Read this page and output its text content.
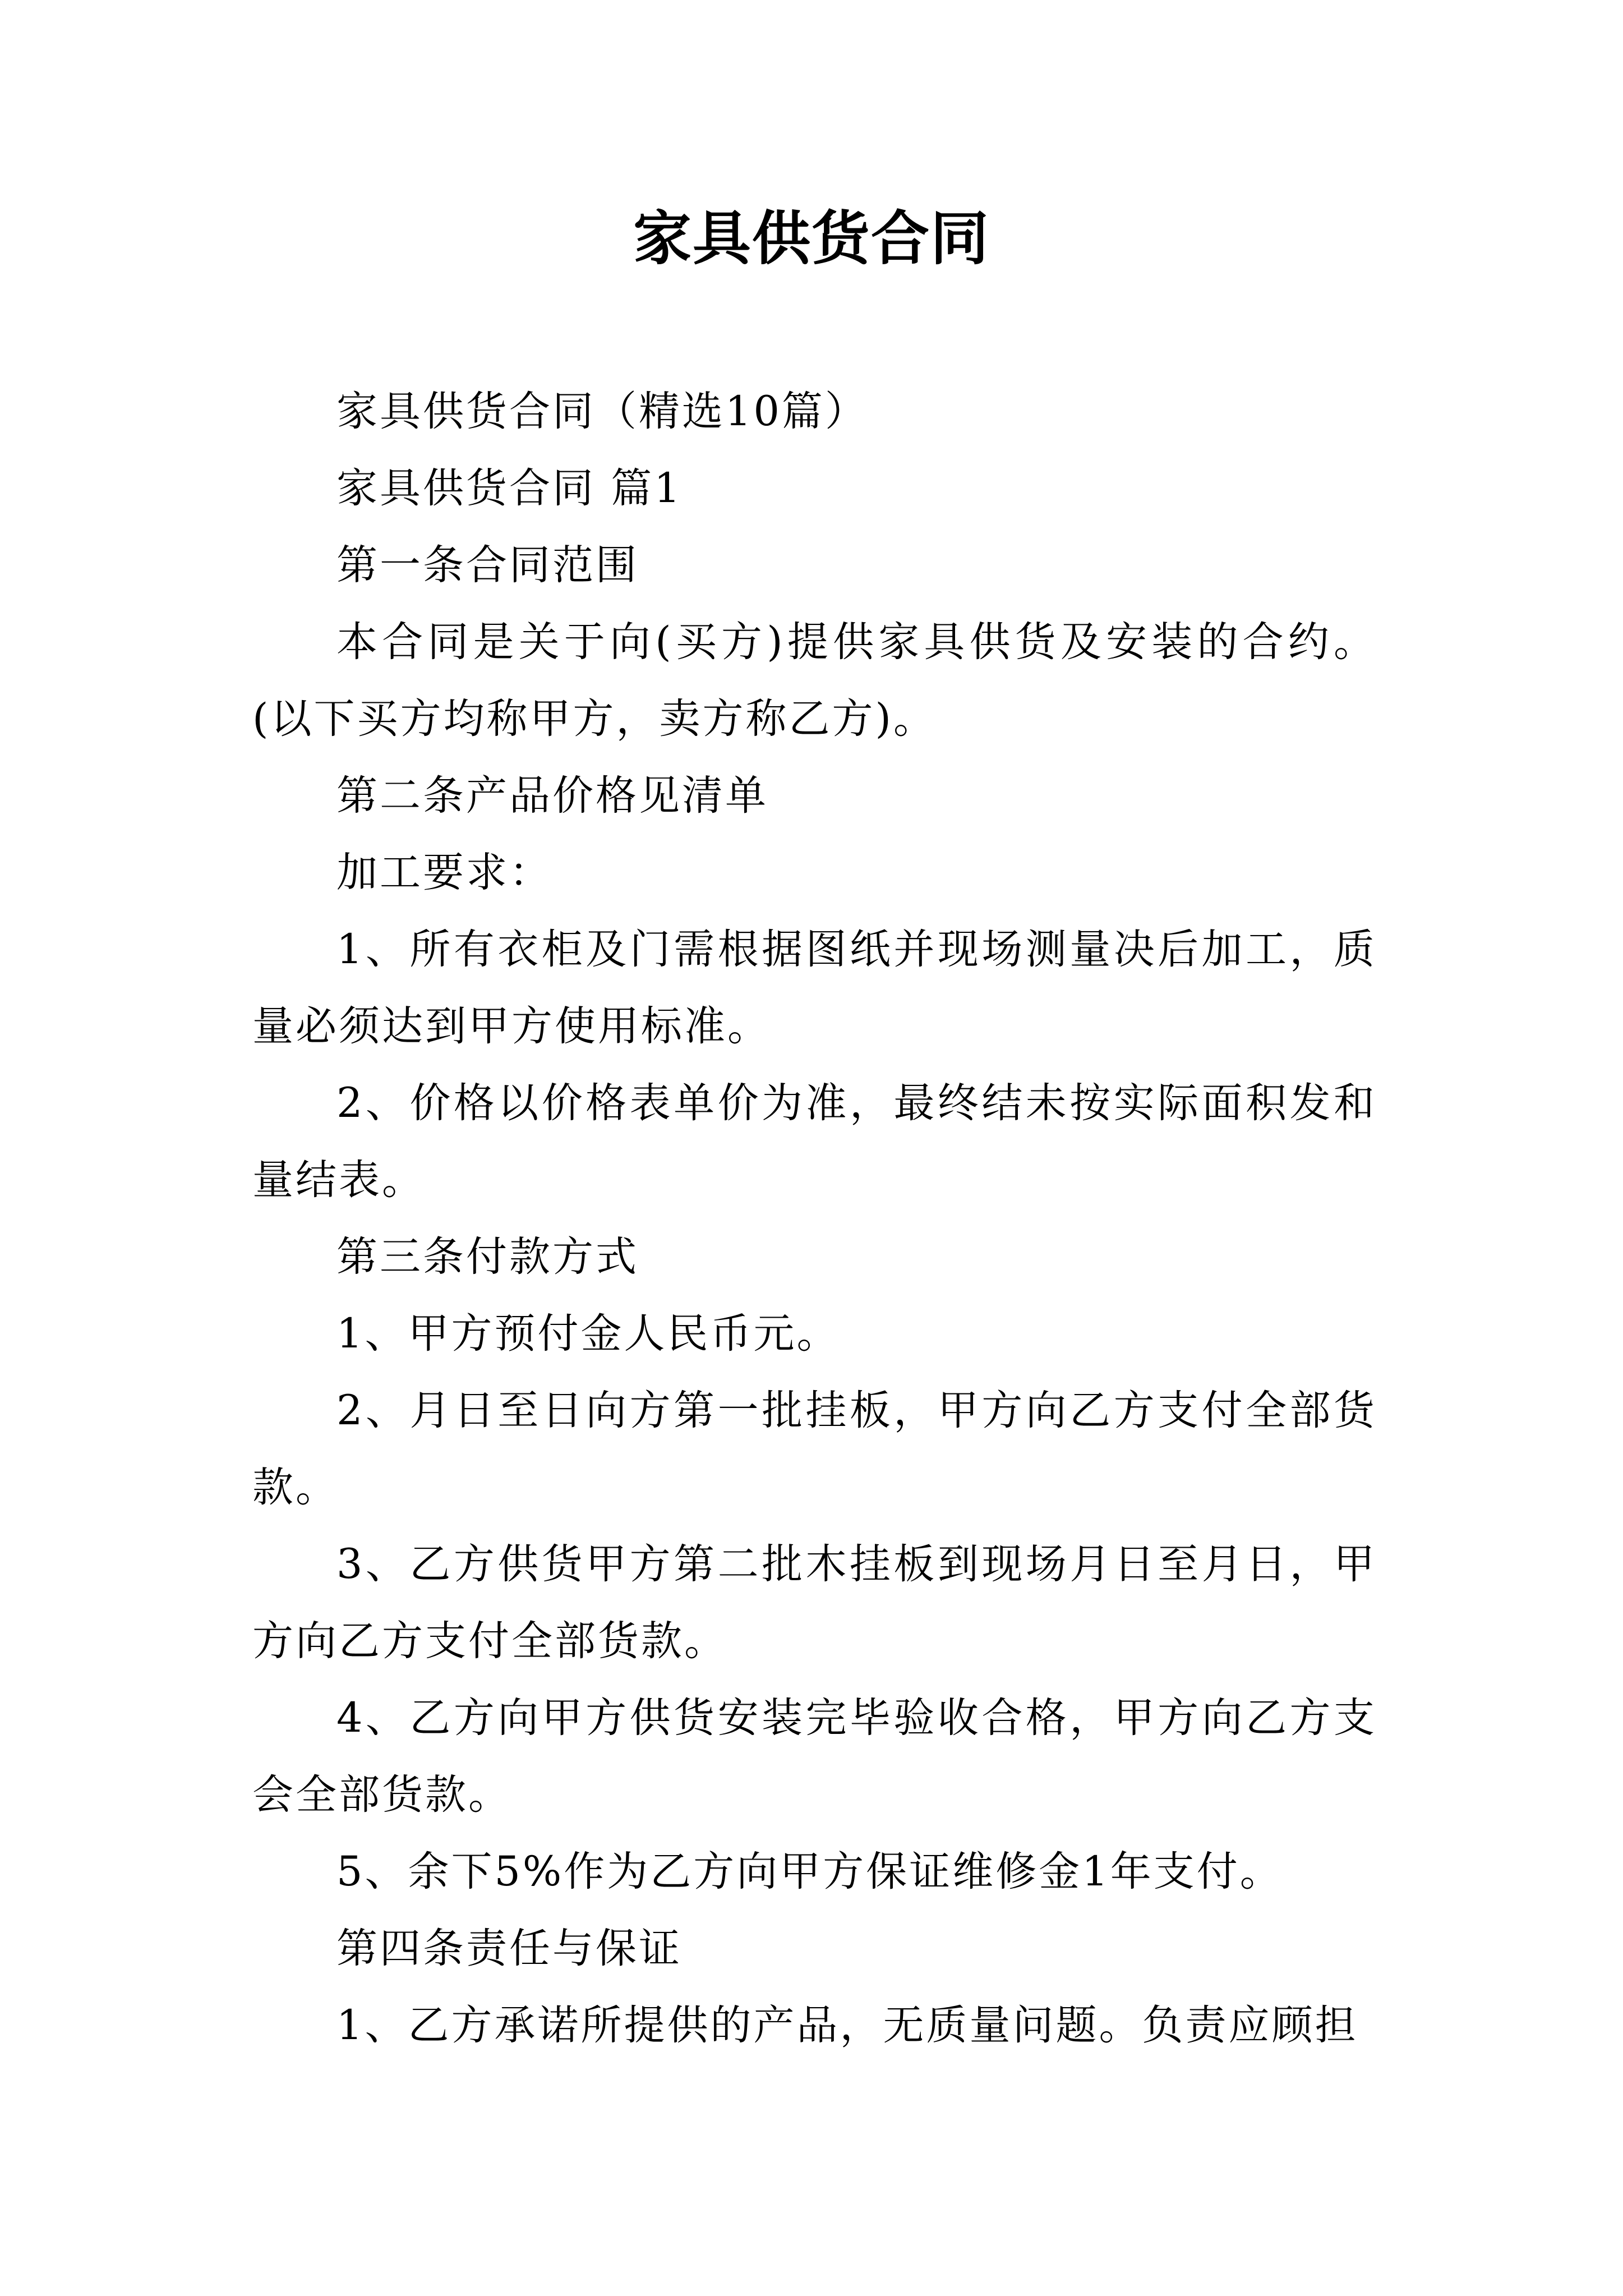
家具供货合同

家具供货合同（精选10篇）

家具供货合同 篇1

第一条合同范围

本合同是关于向(买方)提供家具供货及安装的合约。(以下买方均称甲方，卖方称乙方)。

第二条产品价格见清单

加工要求：

1、所有衣柜及门需根据图纸并现场测量决后加工，质量必须达到甲方使用标准。

2、价格以价格表单价为准，最终结未按实际面积发和量结表。

第三条付款方式

1、甲方预付金人民币元。

2、月日至日向方第一批挂板，甲方向乙方支付全部货款。

3、乙方供货甲方第二批木挂板到现场月日至月日，甲方向乙方支付全部货款。

4、乙方向甲方供货安装完毕验收合格，甲方向乙方支会全部货款。

5、余下5%作为乙方向甲方保证维修金1年支付。

第四条责任与保证

1、乙方承诺所提供的产品，无质量问题。负责应顾担
